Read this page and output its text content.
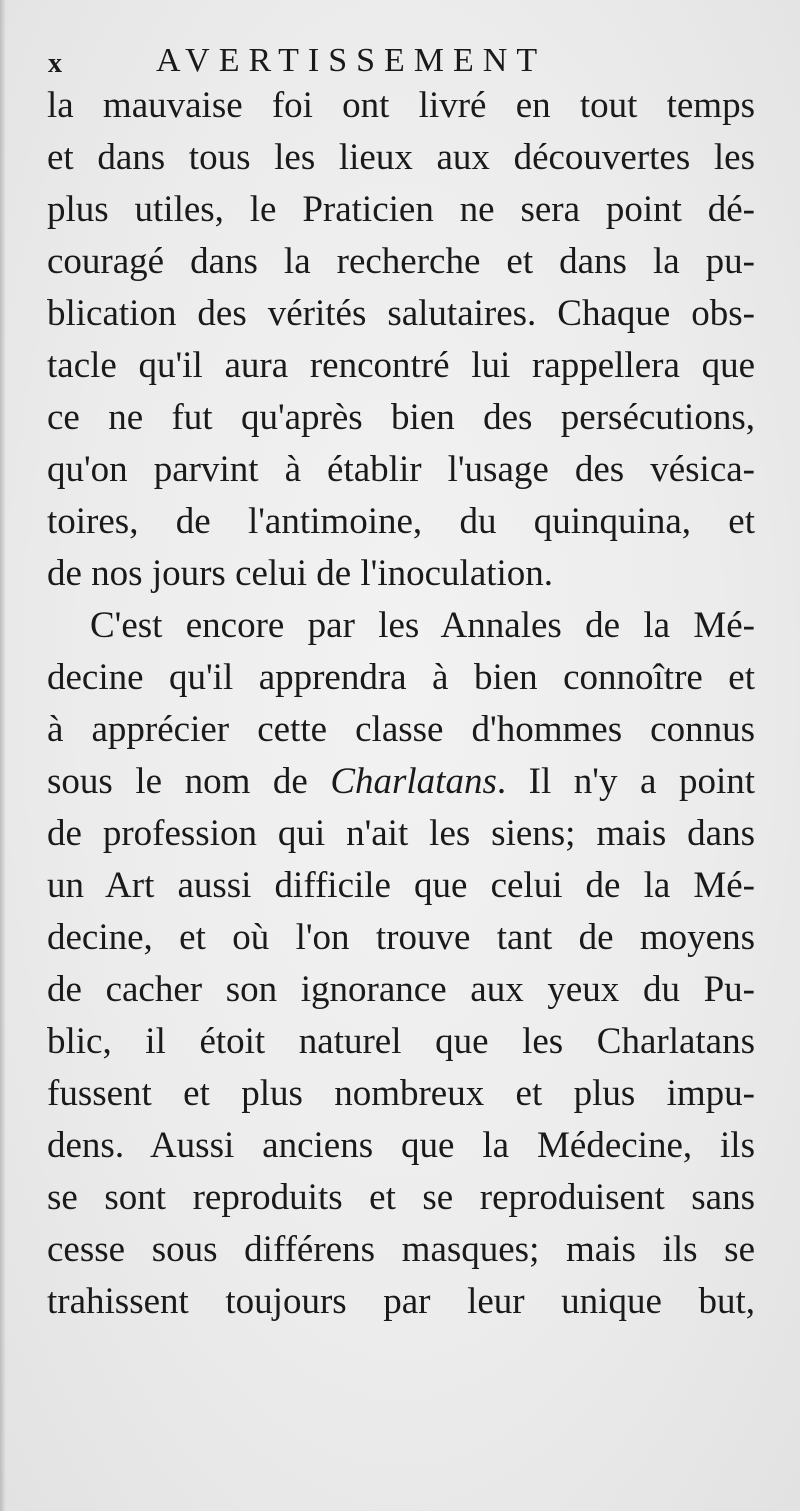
x	AVERTISSEMENT
la mauvaise foi ont livré en tout temps
et dans tous les lieux aux découvertes les
plus utiles, le Praticien ne sera point dé-
couragé dans la recherche et dans la pu-
blication des vérités salutaires. Chaque obs-
tacle qu'il aura rencontré lui rappellera que
ce ne fut qu'après bien des persécutions,
qu'on parvint à établir l'usage des vésica-
toires, de l'antimoine, du quinquina, et
de nos jours celui de l'inoculation.
C'est encore par les Annales de la Mé-
decine qu'il apprendra à bien connoître et
à apprécier cette classe d'hommes connus
sous le nom de Charlatans. Il n'y a point
de profession qui n'ait les siens; mais dans
un Art aussi difficile que celui de la Mé-
decine, et où l'on trouve tant de moyens
de cacher son ignorance aux yeux du Pu-
blic, il étoit naturel que les Charlatans
fussent et plus nombreux et plus impu-
dens. Aussi anciens que la Médecine, ils
se sont reproduits et se reproduisent sans
cesse sous différens masques; mais ils se
trahissent toujours par leur unique but,
